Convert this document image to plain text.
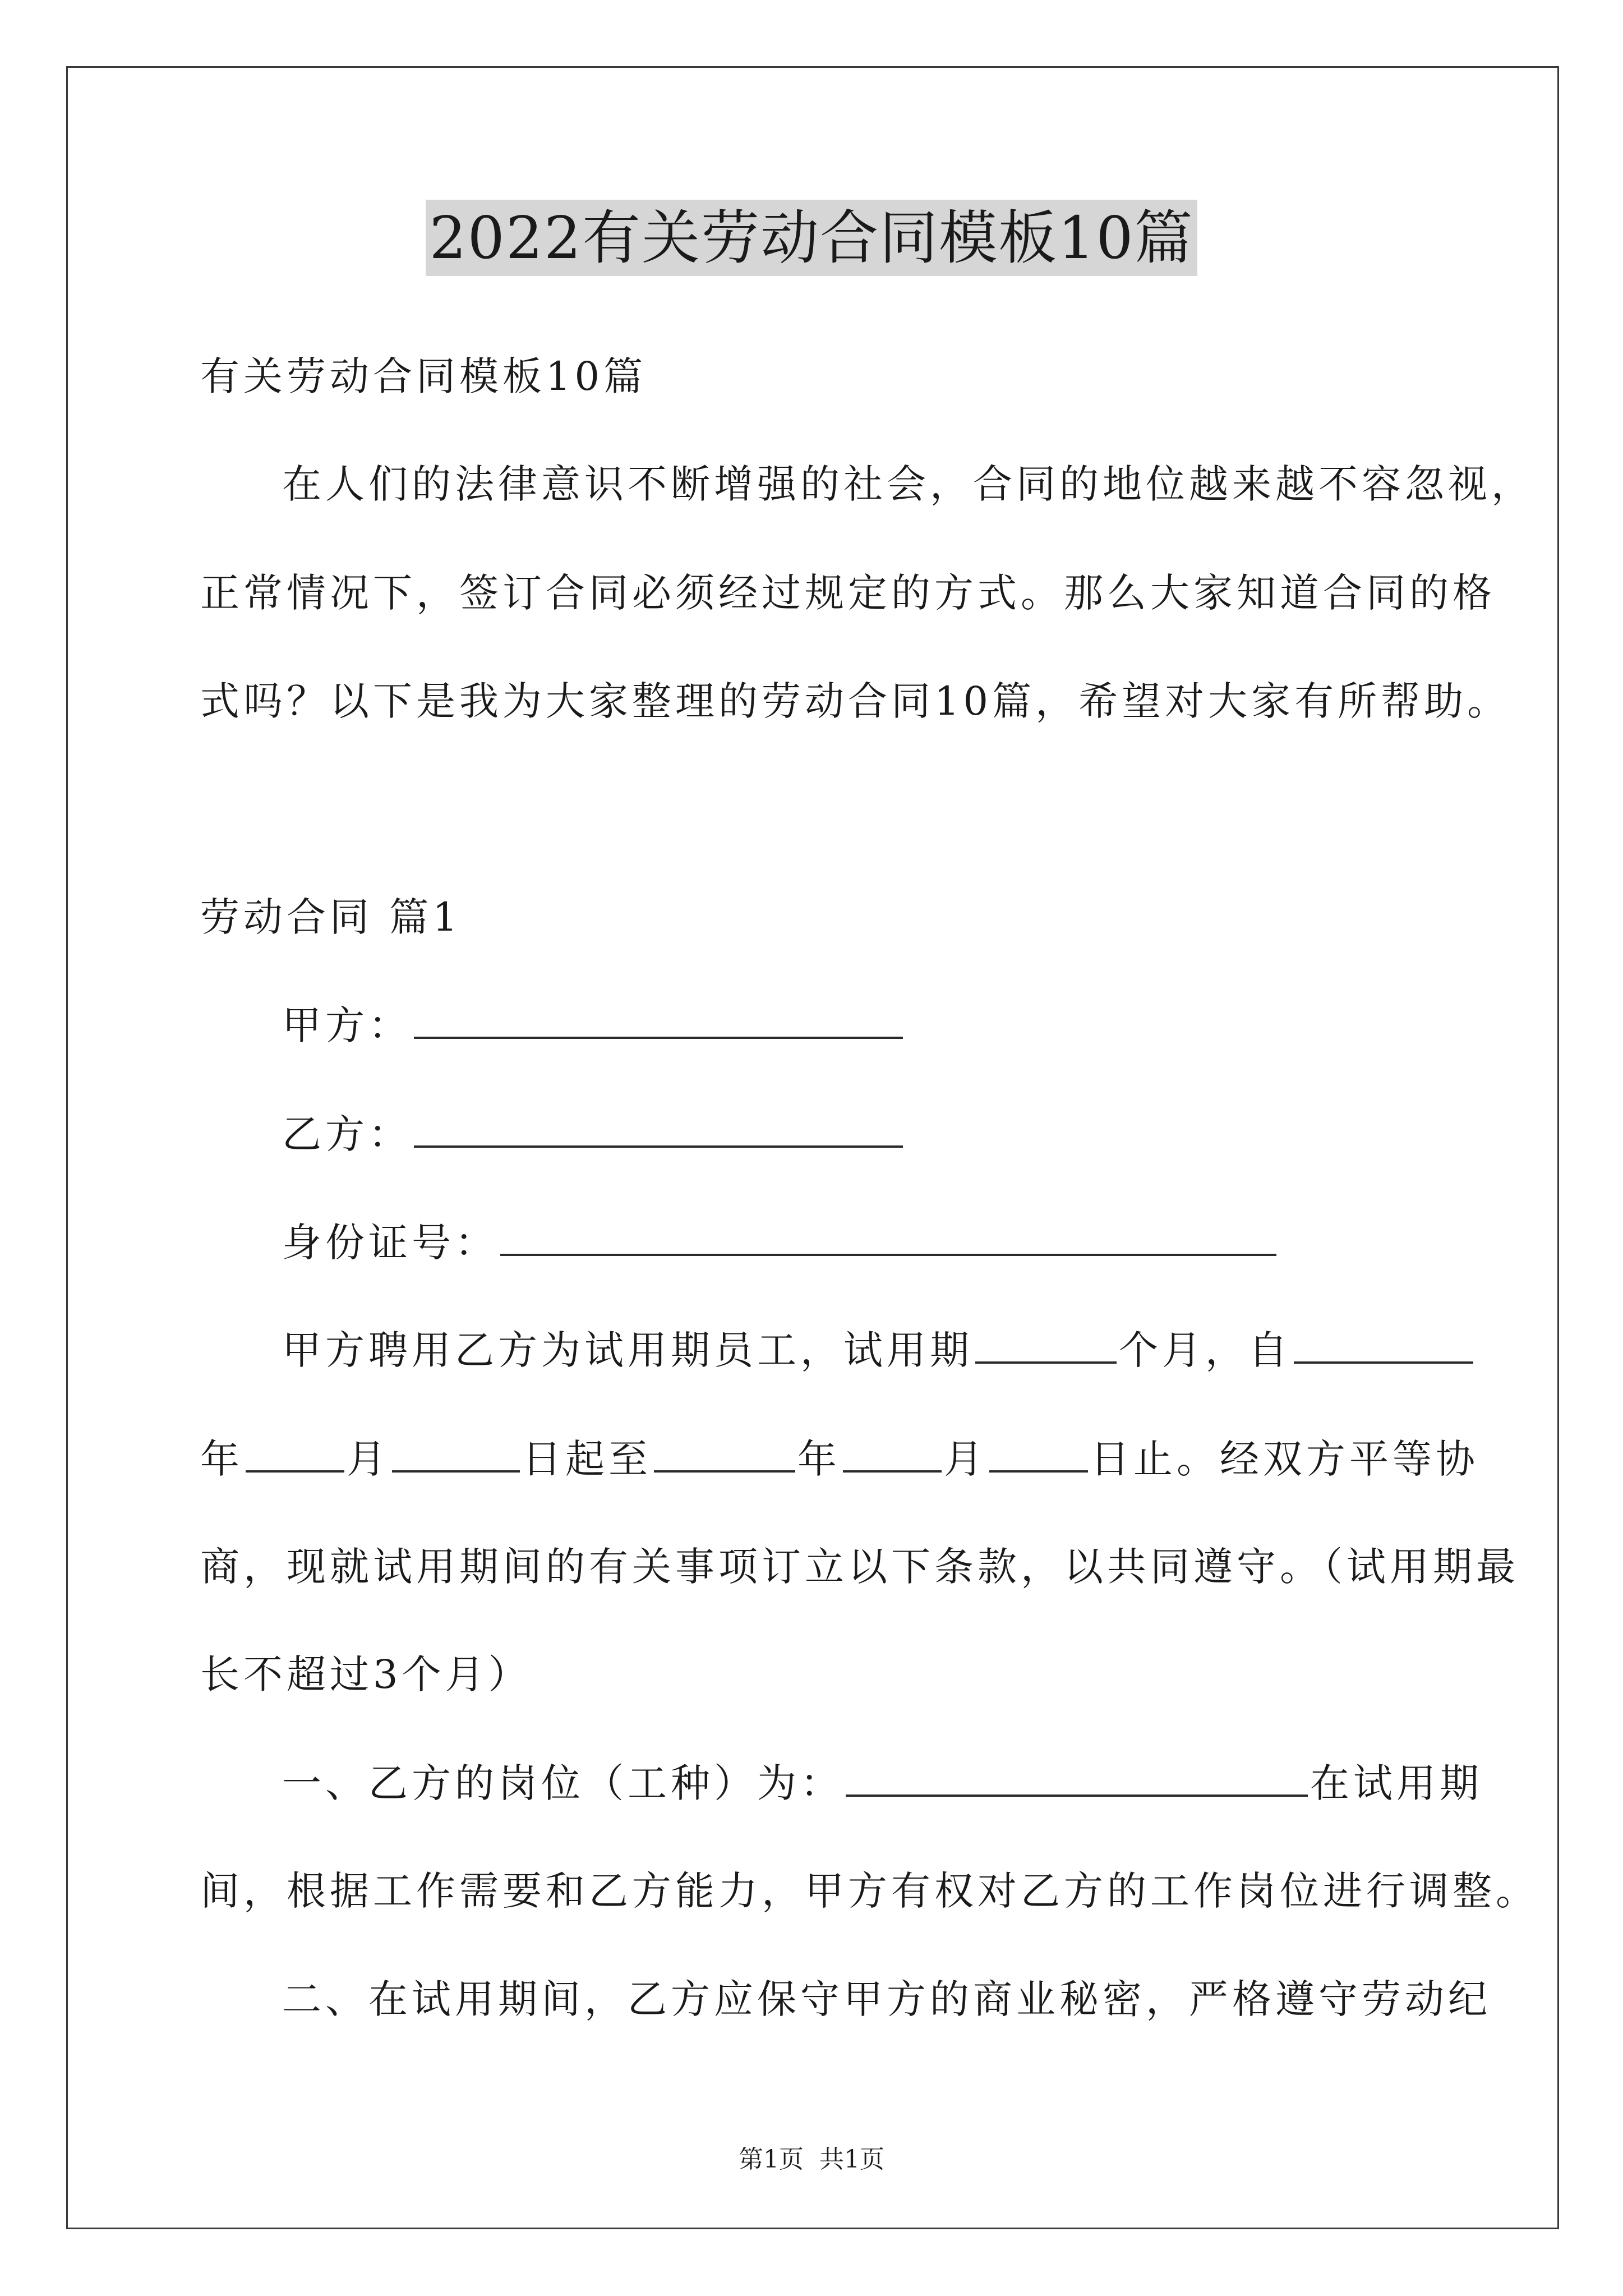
2022有关劳动合同模板10篇
有关劳动合同模板10篇
在人们的法律意识不断增强的社会，合同的地位越来越不容忽视，
正常情况下，签订合同必须经过规定的方式。那么大家知道合同的格
式吗？以下是我为大家整理的劳动合同10篇，希望对大家有所帮助。
劳动合同 篇1
甲方：
乙方：
身份证号：
甲方聘用乙方为试用期员工，试用期	个月，自
年	月	日起至	年	月	日止。经双方平等协
商，现就试用期间的有关事项订立以下条款，以共同遵守。（试用期最
长不超过3个月）
一、乙方的岗位（工种）为：	在试用期
间，根据工作需要和乙方能力，甲方有权对乙方的工作岗位进行调整。
二、在试用期间，乙方应保守甲方的商业秘密，严格遵守劳动纪
第1页 共1页
